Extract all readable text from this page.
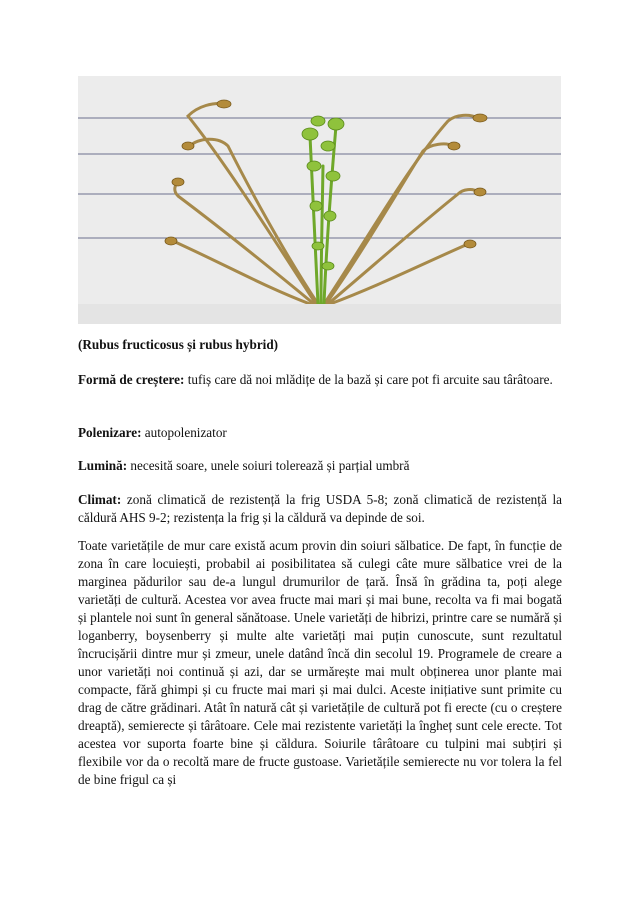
(Rubus fructicosus și rubus hybrid)

Formă de creștere: tufiș care dă noi mlădițe de la bază și care pot fi arcuite sau târâtoare.

Polenizare: autopolenizator

Lumină: necesită soare, unele soiuri tolerează și parțial umbră

Climat: zonă climatică de rezistență la frig USDA 5-8; zonă climatică de rezistență la căldură AHS 9-2; rezistența la frig și la căldură va depinde de soi.

Toate varietățile de mur care există acum provin din soiuri sălbatice. De fapt, în funcție de zona în care locuiești, probabil ai posibilitatea să culegi câte mure sălbatice vrei de la marginea pădurilor sau de-a lungul drumurilor de țară. Însă în grădina ta, poți alege varietăți de cultură. Acestea vor avea fructe mai mari și mai bune, recolta va fi mai bogată și plantele noi sunt în general sănătoase. Unele varietăți de hibrizi, printre care se numără și loganberry, boysenberry și multe alte varietăți mai puțin cunoscute, sunt rezultatul încrucișării dintre mur și zmeur, unele datând încă din secolul 19. Programele de creare a unor varietăți noi continuă și azi, dar se urmărește mai mult obținerea unor plante mai compacte, fără ghimpi și cu fructe mai mari și mai dulci. Aceste inițiative sunt primite cu drag de către grădinari. Atât în natură cât și varietățile de cultură pot fi erecte (cu o creștere dreaptă), semierecte și târâtoare. Cele mai rezistente varietăți la îngheț sunt cele erecte. Tot acestea vor suporta foarte bine și căldura. Soiurile târâtoare cu tulpini mai subțiri și flexibile vor da o recoltă mare de fructe gustoase. Varietățile semierecte nu vor tolera la fel de bine frigul ca și
